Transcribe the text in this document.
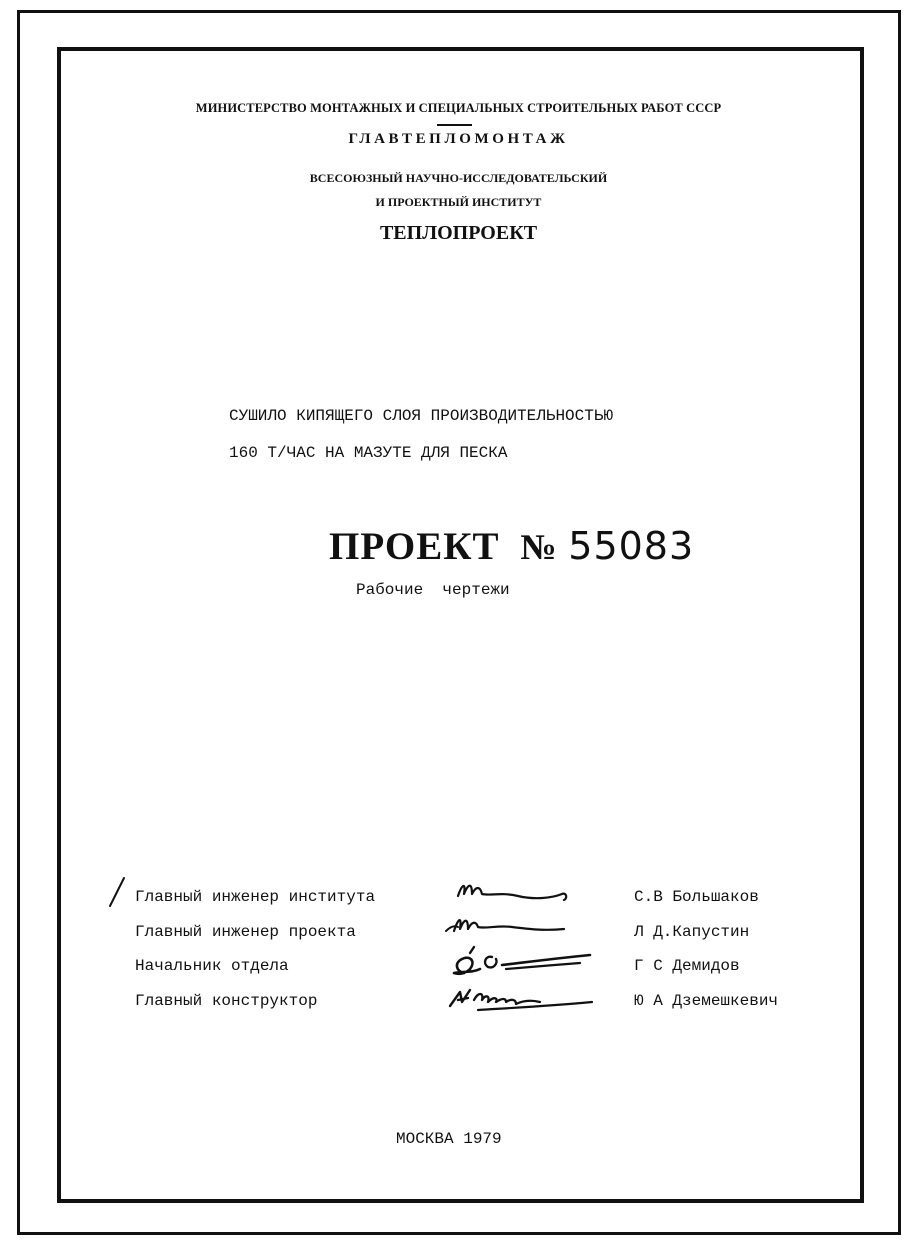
МИНИСТЕРСТВО МОНТАЖНЫХ И СПЕЦИАЛЬНЫХ СТРОИТЕЛЬНЫХ РАБОТ СССР
ГЛАВТЕПЛОМОНТАЖ
ВСЕСОЮЗНЫЙ НАУЧНО-ИССЛЕДОВАТЕЛЬСКИЙ
И ПРОЕКТНЫЙ ИНСТИТУТ
ТЕПЛОПРОЕКТ
СУШИЛО КИПЯЩЕГО СЛОЯ ПРОИЗВОДИТЕЛЬНОСТЬЮ
160 Т/ЧАС НА МАЗУТЕ ДЛЯ ПЕСКА
ПРОЕКТ № 55083
Рабочие  чертежи
Главный инженер института	С.В Большаков
Главный инженер проекта	Л Д.Капустин
Начальник отдела	Г С Демидов
Главный конструктор	Ю А Дземешкевич
МОСКВА 1979
